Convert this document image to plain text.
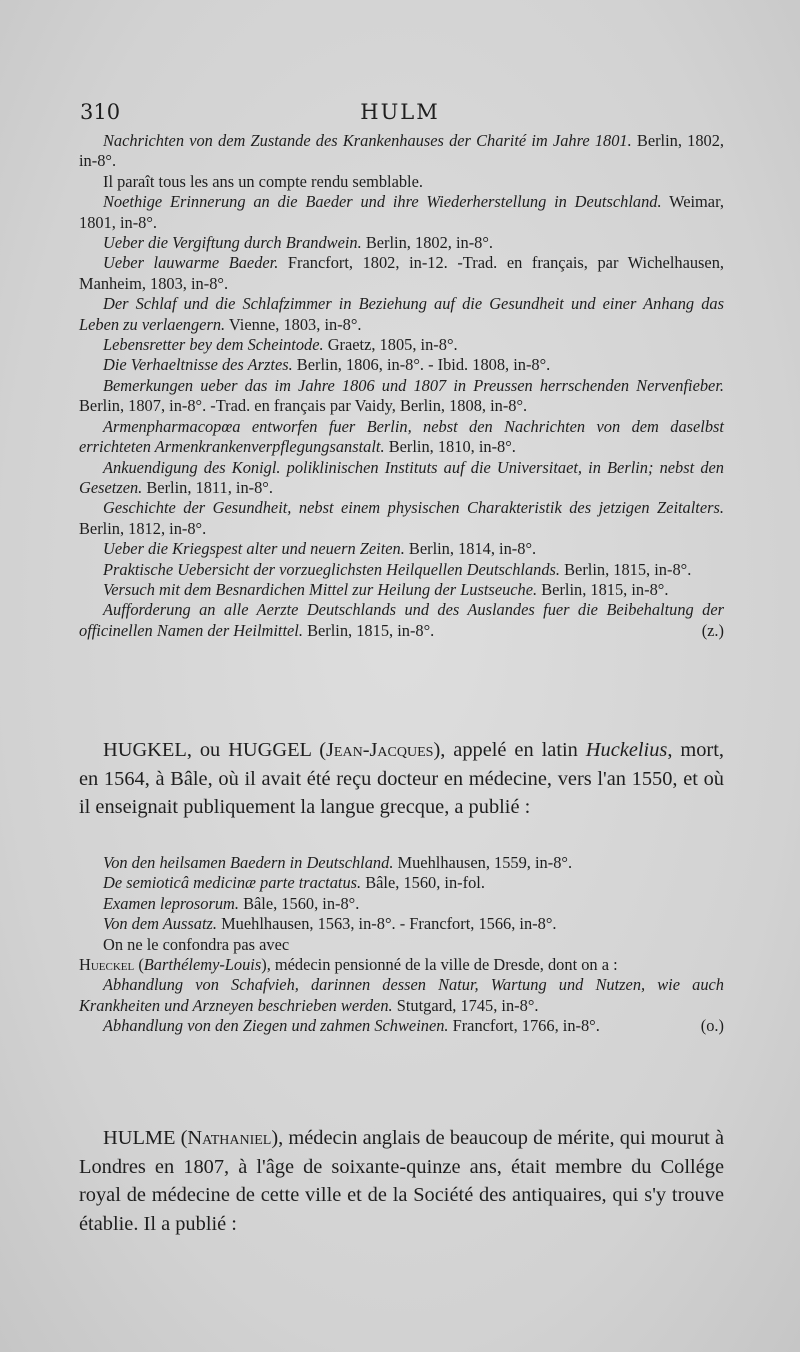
310	HULM

Nachrichten von dem Zustande des Krankenhauses der Charité im Jahre 1801. Berlin, 1802, in-8°.

Il paraît tous les ans un compte rendu semblable.

Noethige Erinnerung an die Baeder und ihre Wiederherstellung in Deutschland. Weimar, 1801, in-8°.

Ueber die Vergiftung durch Brandwein. Berlin, 1802, in-8°.

Ueber lauwarme Baeder. Francfort, 1802, in-12. -Trad. en français, par Wichelhausen, Manheim, 1803, in-8°.

Der Schlaf und die Schlafzimmer in Beziehung auf die Gesundheit und einer Anhang das Leben zu verlaengern. Vienne, 1803, in-8°.

Lebensretter bey dem Scheintode. Graetz, 1805, in-8°.

Die Verhaeltnisse des Arztes. Berlin, 1806, in-8°. - Ibid. 1808, in-8°.

Bemerkungen ueber das im Jahre 1806 und 1807 in Preussen herrschenden Nervenfieber. Berlin, 1807, in-8°. -Trad. en français par Vaidy, Berlin, 1808, in-8°.

Armenpharmacopœa entworfen fuer Berlin, nebst den Nachrichten von dem daselbst errichteten Armenkrankenverpflegungsanstalt. Berlin, 1810, in-8°.

Ankuendigung des Konigl. poliklinischen Instituts auf die Universitaet, in Berlin; nebst den Gesetzen. Berlin, 1811, in-8°.

Geschichte der Gesundheit, nebst einem physischen Charakteristik des jetzigen Zeitalters. Berlin, 1812, in-8°.

Ueber die Kriegspest alter und neuern Zeiten. Berlin, 1814, in-8°.

Praktische Uebersicht der vorzueglichsten Heilquellen Deutschlands. Berlin, 1815, in-8°.

Versuch mit dem Besnardichen Mittel zur Heilung der Lustseuche. Berlin, 1815, in-8°.

Aufforderung an alle Aerzte Deutschlands und des Auslandes fuer die Beibehaltung der officinellen Namen der Heilmittel. Berlin, 1815, in-8°.	(z.)

HUGKEL, ou HUGGEL (Jean-Jacques), appelé en latin Huckelius, mort, en 1564, à Bâle, où il avait été reçu docteur en médecine, vers l'an 1550, et où il enseignait publiquement la langue grecque, a publié :

Von den heilsamen Baedern in Deutschland. Muehlhausen, 1559, in-8°.

De semioticâ medicinæ parte tractatus. Bâle, 1560, in-fol.

Examen leprosorum. Bâle, 1560, in-8°.

Von dem Aussatz. Muehlhausen, 1563, in-8°. - Francfort, 1566, in-8°.

On ne le confondra pas avec

Hueckel (Barthélemy-Louis), médecin pensionné de la ville de Dresde, dont on a :

Abhandlung von Schafvieh, darinnen dessen Natur, Wartung und Nutzen, wie auch Krankheiten und Arzneyen beschrieben werden. Stutgard, 1745, in-8°.

Abhandlung von den Ziegen und zahmen Schweinen. Francfort, 1766, in-8°.	(o.)

HULME (Nathaniel), médecin anglais de beaucoup de mérite, qui mourut à Londres en 1807, à l'âge de soixante-quinze ans, était membre du Collége royal de médecine de cette ville et de la Société des antiquaires, qui s'y trouve établie. Il a publié :
